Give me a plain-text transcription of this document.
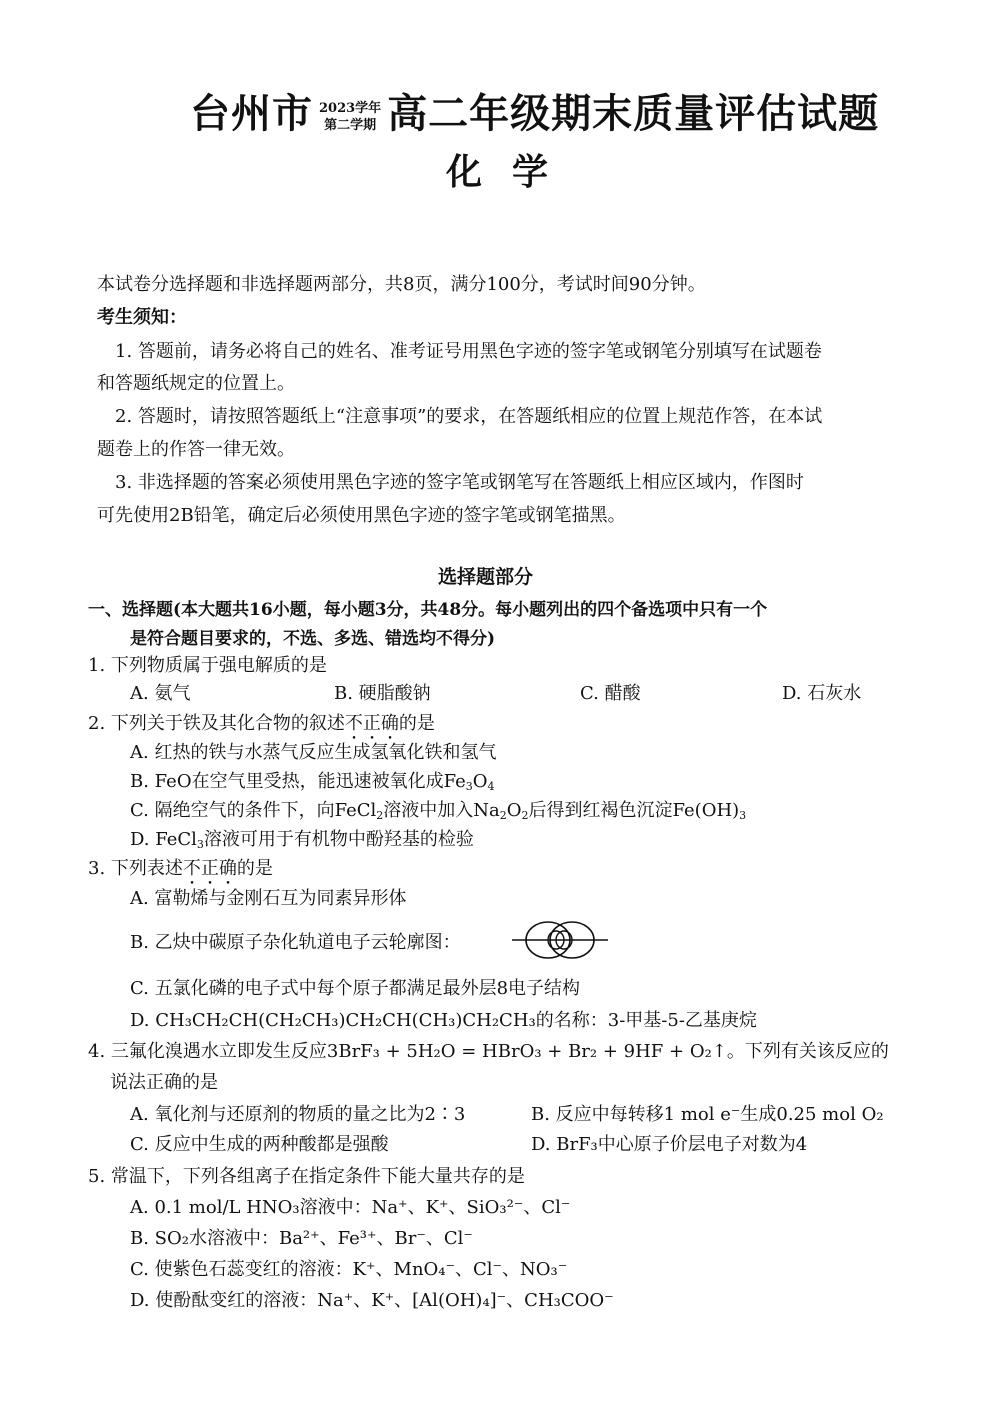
台州市 2023学年
第二学期 高二年级期末质量评估试题
化学
本试卷分选择题和非选择题两部分，共8页，满分100分，考试时间90分钟。
考生须知：
1. 答题前，请务必将自己的姓名、准考证号用黑色字迹的签字笔或钢笔分别填写在试题卷
和答题纸规定的位置上。
2. 答题时，请按照答题纸上“注意事项”的要求，在答题纸相应的位置上规范作答，在本试
题卷上的作答一律无效。
3. 非选择题的答案必须使用黑色字迹的签字笔或钢笔写在答题纸上相应区域内，作图时
可先使用2B铅笔，确定后必须使用黑色字迹的签字笔或钢笔描黑。
选择题部分
一、选择题(本大题共16小题，每小题3分，共48分。每小题列出的四个备选项中只有一个
是符合题目要求的，不选、多选、错选均不得分)
1. 下列物质属于强电解质的是
A. 氨气	B. 硬脂酸钠	C. 醋酸	D. 石灰水
2. 下列关于铁及其化合物的叙述不正确的是
A. 红热的铁与水蒸气反应生成氢氧化铁和氢气
B. FeO在空气里受热，能迅速被氧化成$Fe_3O_4$
C. 隔绝空气的条件下，向FeCl$_2$溶液中加入$Na_2O_2$后得到红褐色沉淀$Fe(OH)_3$
D. FeCl$_3$溶液可用于有机物中酚羟基的检验
3. 下列表述不正确的是
A. 富勒烯与金刚石互为同素异形体
B. 乙炔中碳原子杂化轨道电子云轮廓图：
C. 五氯化磷的电子式中每个原子都满足最外层8电子结构
D. CH₃CH₂CH(CH₂CH₃)CH₂CH(CH₃)CH₂CH₃的名称：3-甲基-5-乙基庚烷
4. 三氟化溴遇水立即发生反应3BrF₃ + 5H₂O = HBrO₃ + Br₂ + 9HF + O₂↑。下列有关该反应的
说法正确的是
A. 氧化剂与还原剂的物质的量之比为2∶3	B. 反应中每转移1 mol e⁻生成0.25 mol O₂
C. 反应中生成的两种酸都是强酸	D. BrF₃中心原子价层电子对数为4
5. 常温下，下列各组离子在指定条件下能大量共存的是
A. 0.1 mol/L HNO₃溶液中：Na⁺、K⁺、SiO₃²⁻、Cl⁻
B. SO₂水溶液中：Ba²⁺、Fe³⁺、Br⁻、Cl⁻
C. 使紫色石蕊变红的溶液：K⁺、MnO₄⁻、Cl⁻、NO₃⁻
D. 使酚酞变红的溶液：Na⁺、K⁺、[Al(OH)₄]⁻、CH₃COO⁻
